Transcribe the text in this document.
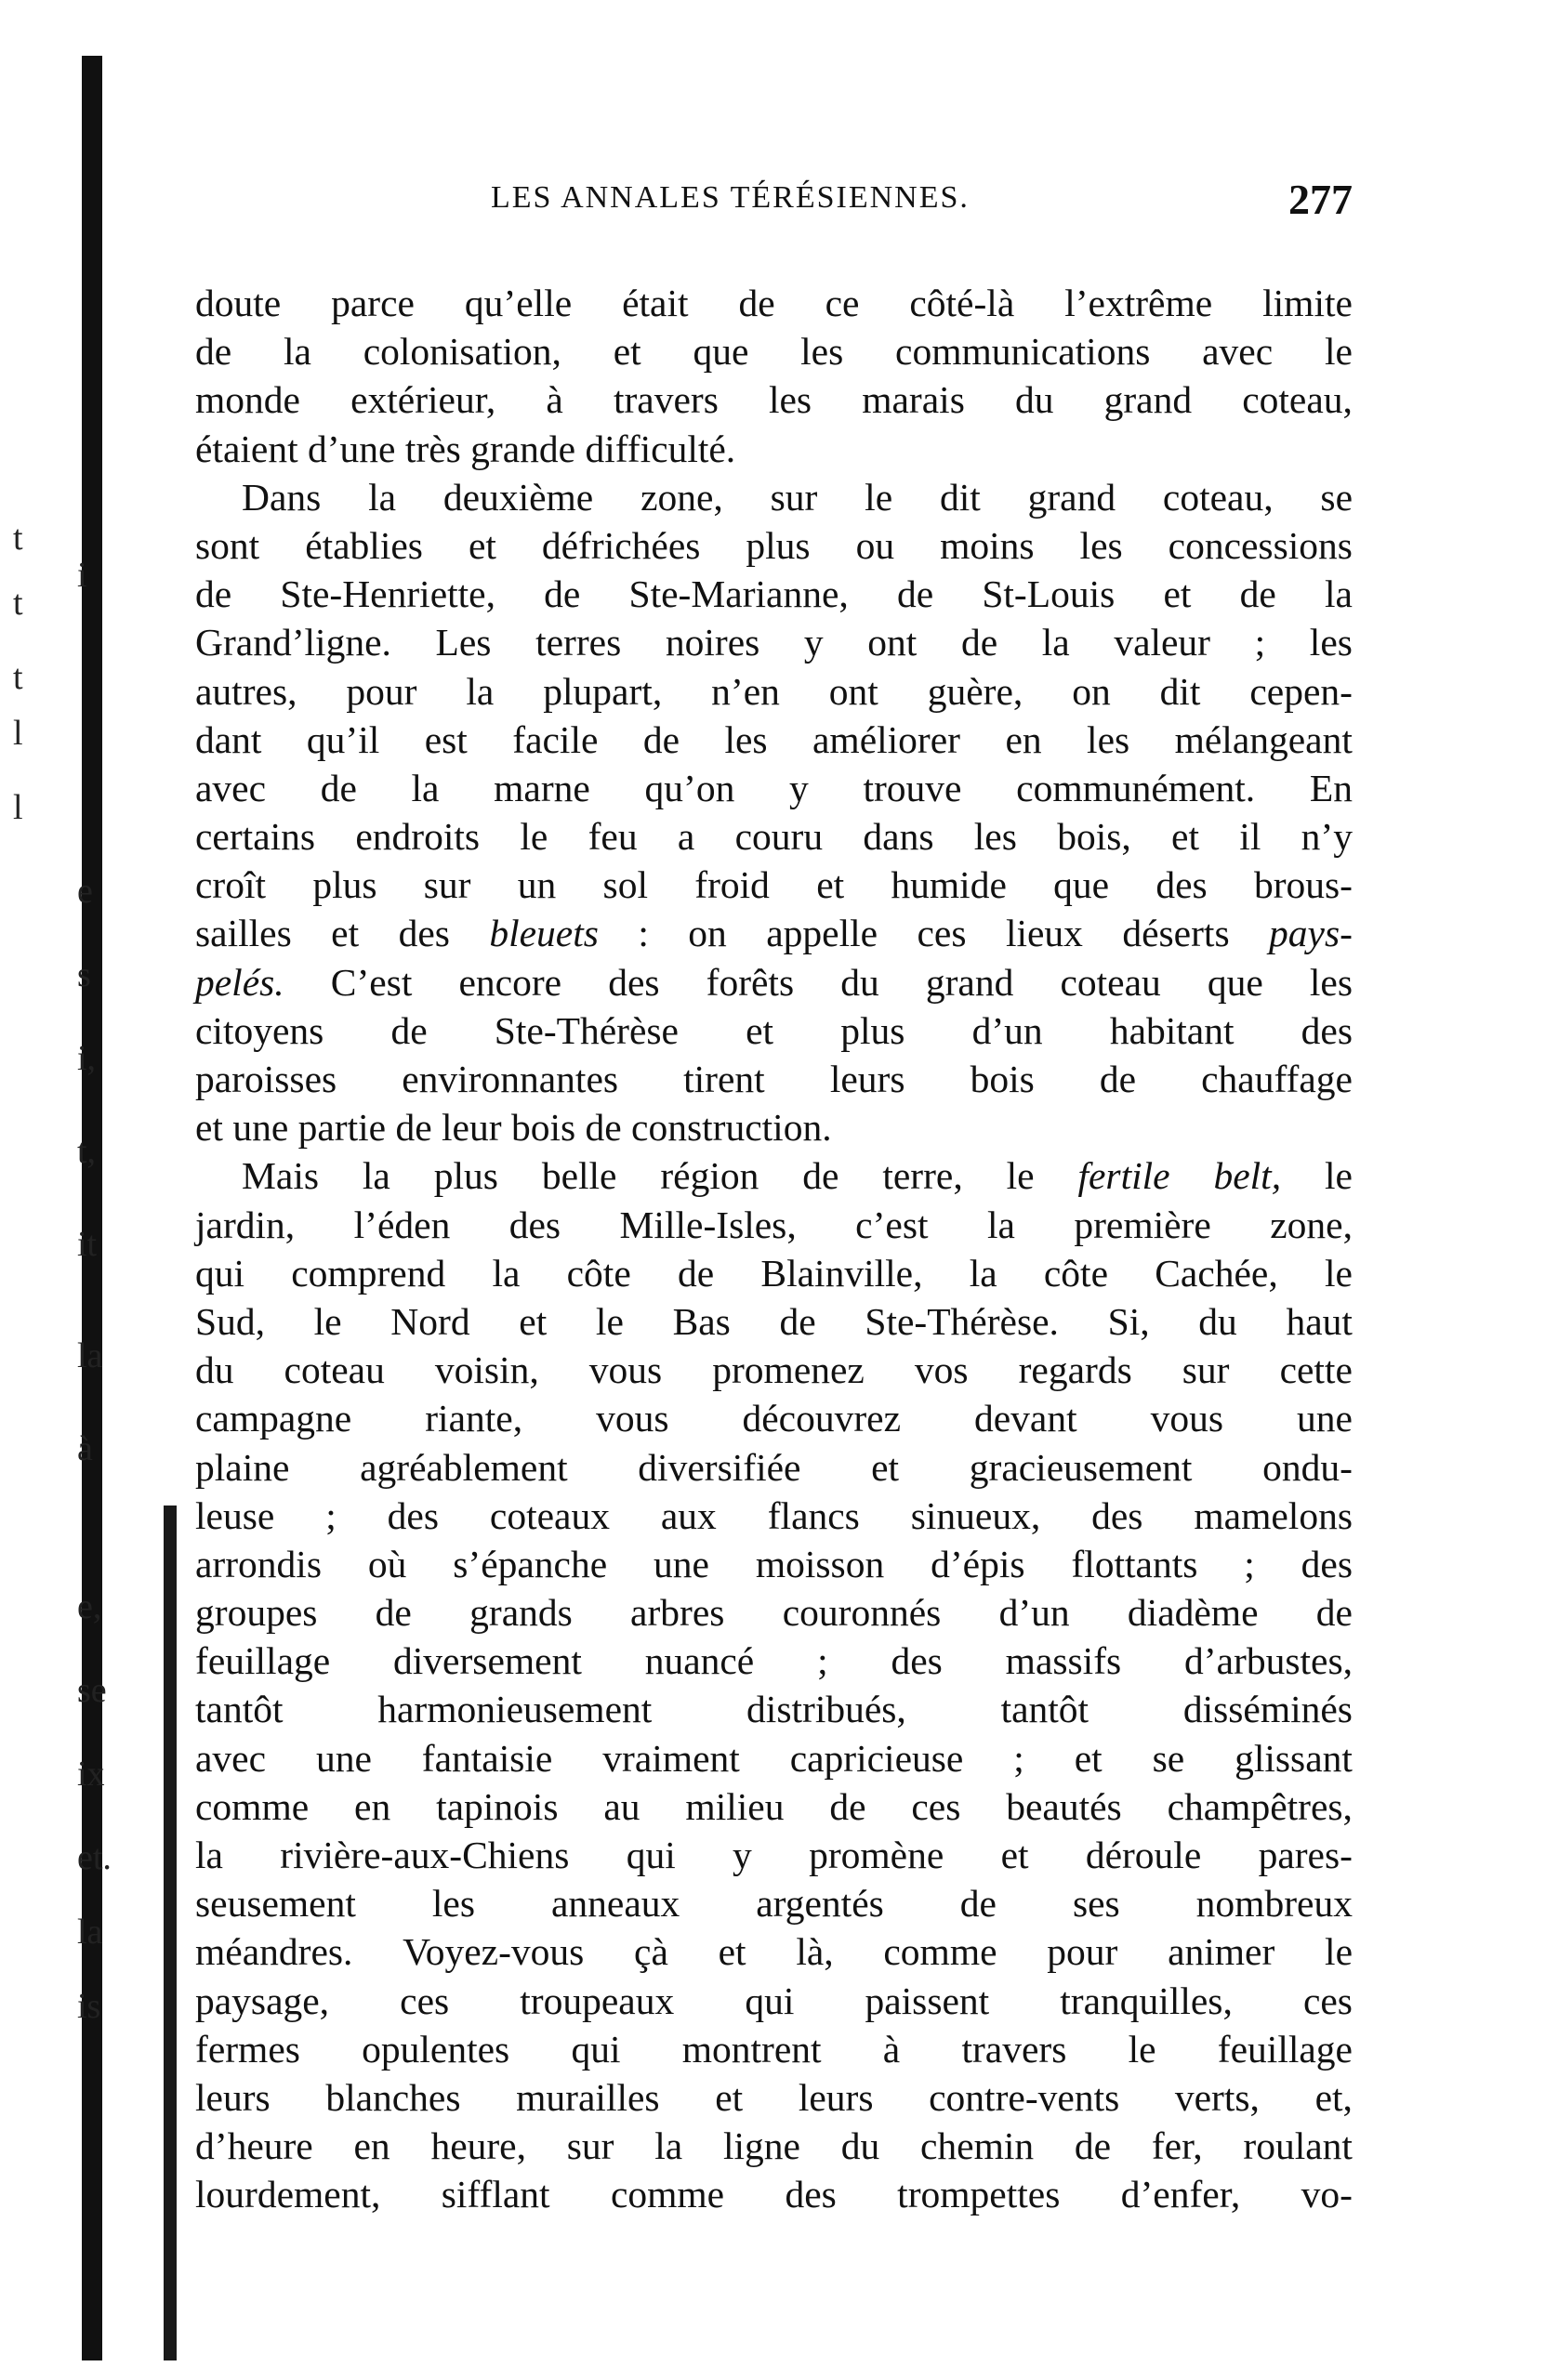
t
t
t
l
l
i
e
s
i,
t,
it
la
à
e,
se
ix
et.
la
is
LES ANNALES TÉRÉSIENNES.	277
doute parce qu’elle était de ce côté-là l’extrême limite
de la colonisation, et que les communications avec le
monde extérieur, à travers les marais du grand coteau,
étaient d’une très grande difficulté.
Dans la deuxième zone, sur le dit grand coteau, se
sont établies et défrichées plus ou moins les concessions
de Ste-Henriette, de Ste-Marianne, de St-Louis et de la
Grand’ligne. Les terres noires y ont de la valeur ; les
autres, pour la plupart, n’en ont guère, on dit cepen-
dant qu’il est facile de les améliorer en les mélangeant
avec de la marne qu’on y trouve communément. En
certains endroits le feu a couru dans les bois, et il n’y
croît plus sur un sol froid et humide que des brous-
sailles et des bleuets : on appelle ces lieux déserts pays-
pelés. C’est encore des forêts du grand coteau que les
citoyens de Ste-Thérèse et plus d’un habitant des
paroisses environnantes tirent leurs bois de chauffage
et une partie de leur bois de construction.
Mais la plus belle région de terre, le fertile belt, le
jardin, l’éden des Mille-Isles, c’est la première zone,
qui comprend la côte de Blainville, la côte Cachée, le
Sud, le Nord et le Bas de Ste-Thérèse. Si, du haut
du coteau voisin, vous promenez vos regards sur cette
campagne riante, vous découvrez devant vous une
plaine agréablement diversifiée et gracieusement ondu-
leuse ; des coteaux aux flancs sinueux, des mamelons
arrondis où s’épanche une moisson d’épis flottants ; des
groupes de grands arbres couronnés d’un diadème de
feuillage diversement nuancé ; des massifs d’arbustes,
tantôt harmonieusement distribués, tantôt disséminés
avec une fantaisie vraiment capricieuse ; et se glissant
comme en tapinois au milieu de ces beautés champêtres,
la rivière-aux-Chiens qui y promène et déroule pares-
seusement les anneaux argentés de ses nombreux
méandres. Voyez-vous çà et là, comme pour animer le
paysage, ces troupeaux qui paissent tranquilles, ces
fermes opulentes qui montrent à travers le feuillage
leurs blanches murailles et leurs contre-vents verts, et,
d’heure en heure, sur la ligne du chemin de fer, roulant
lourdement, sifflant comme des trompettes d’enfer, vo-
